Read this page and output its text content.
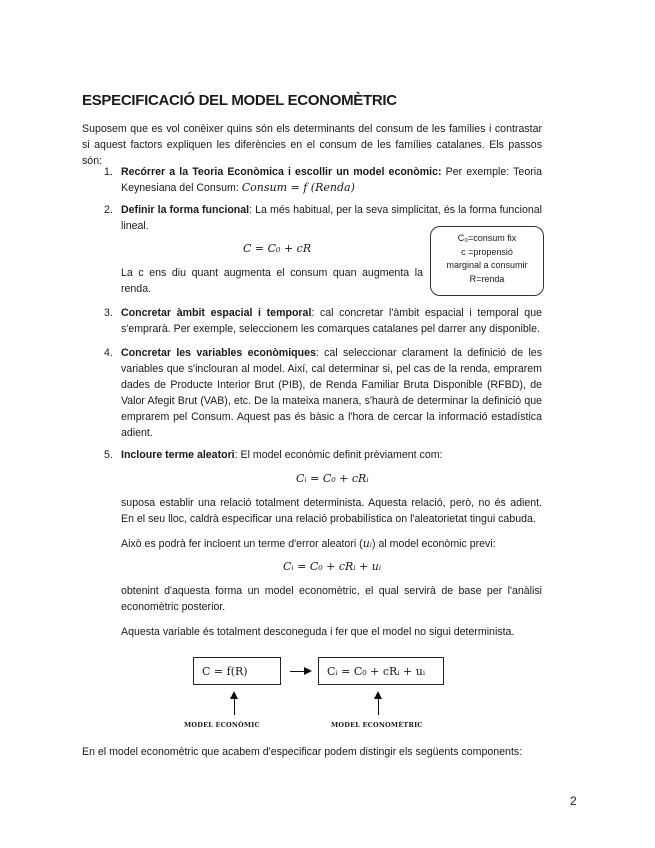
ESPECIFICACIÓ DEL MODEL ECONOMÈTRIC
Suposem que es vol conèixer quins són els determinants del consum de les famílies i contrastar si aquest factors expliquen les diferències en el consum de les famílies catalanes. Els passos són:
1. Recórrer a la Teoria Econòmica i escollir un model econòmic: Per exemple: Teoria Keynesiana del Consum: Consum = f (Renda)
2. Definir la forma funcional: La més habitual, per la seva simplicitat, és la forma funcional lineal.
C = C₀ + cR
La c ens diu quant augmenta el consum quan augmenta la renda.
C₀=consum fix
c =propensió
marginal a consumir
R=renda
3. Concretar àmbit espacial i temporal: cal concretar l'àmbit espacial i temporal que s'emprarà. Per exemple, seleccionem les comarques catalanes pel darrer any disponible.
4. Concretar les variables econòmiques: cal seleccionar clarament la definició de les variables que s'inclouran al model. Així, cal determinar si, pel cas de la renda, emprarem dades de Producte Interior Brut (PIB), de Renda Familiar Bruta Disponible (RFBD), de Valor Afegit Brut (VAB), etc. De la mateixa manera, s'haurà de determinar la definició que emprarem pel Consum. Aquest pas és bàsic a l'hora de cercar la informació estadística adient.
5. Incloure terme aleatori: El model econòmic definit prèviament com:
Cᵢ = C₀ + cRᵢ
suposa establir una relació totalment determinista. Aquesta relació, però, no és adient. En el seu lloc, caldrà especificar una relació probabilística on l'aleatorietat tingui cabuda.
Això es podrà fer incloent un terme d'error aleatori (uᵢ) al model econòmic previ:
Cᵢ = C₀ + cRᵢ + uᵢ
obtenint d'aquesta forma un model economètric, el qual servirà de base per l'anàlisi economètric posterior.
Aquesta variable és totalment desconeguda i fer que el model no sigui determinista.
C = f(R)	Cᵢ = C₀ + cRᵢ + uᵢ
MODEL ECONÒMIC	MODEL ECONOMÈTRIC
En el model economètric que acabem d'especificar podem distingir els següents components:
2
